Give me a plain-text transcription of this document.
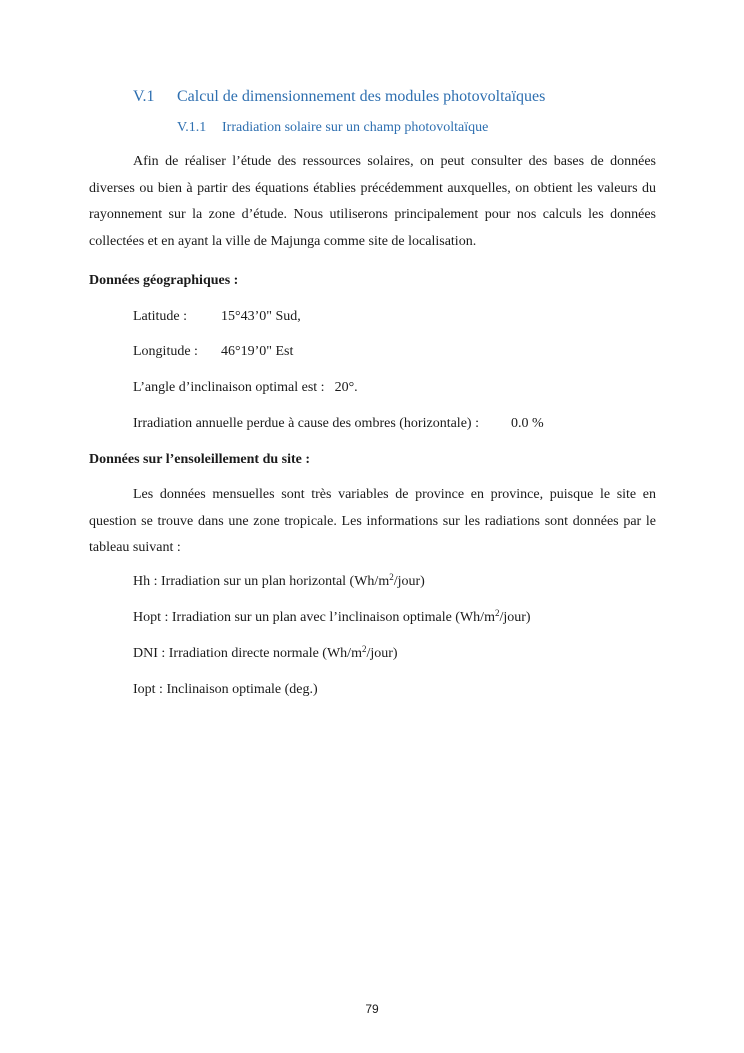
V.1 Calcul de dimensionnement des modules photovoltaïques
V.1.1 Irradiation solaire sur un champ photovoltaïque

Afin de réaliser l’étude des ressources solaires, on peut consulter des bases de données diverses ou bien à partir des équations établies précédemment auxquelles, on obtient les valeurs du rayonnement sur la zone d’étude. Nous utiliserons principalement pour nos calculs les données collectées et en ayant la ville de Majunga comme site de localisation.

Données géographiques :
Latitude : 15°43’0" Sud,
Longitude : 46°19’0" Est
L’angle d’inclinaison optimal est : 20°.
Irradiation annuelle perdue à cause des ombres (horizontale) : 0.0 %
Données sur l’ensoleillement du site :

Les données mensuelles sont très variables de province en province, puisque le site en question se trouve dans une zone tropicale. Les informations sur les radiations sont données par le tableau suivant :

Hh : Irradiation sur un plan horizontal $(Wh/m^2/jour)$
Hopt : Irradiation sur un plan avec l’inclinaison optimale $(Wh/m^2/jour)$
DNI : Irradiation directe normale $(Wh/m^2/jour)$
Iopt : Inclinaison optimale (deg.)
79
